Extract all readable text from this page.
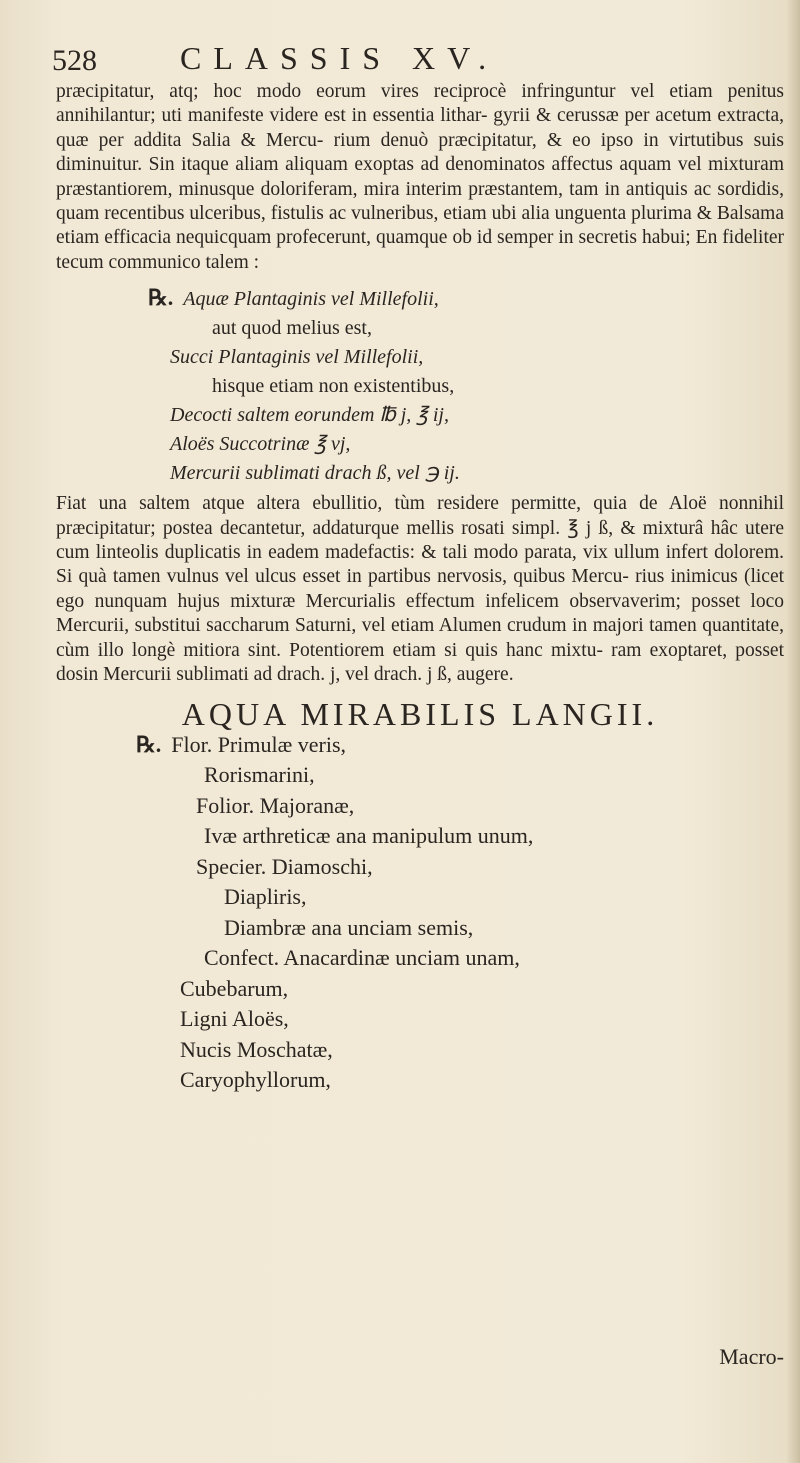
528	CLASSIS XV.

præcipitatur, atq; hoc modo eorum vires reciprocè infringuntur vel etiam penitus annihilantur; uti manifeste videre est in essentia lithar- gyrii & cerussæ per acetum extracta, quæ per addita Salia & Mercu- rium denuò præcipitatur, & eo ipso in virtutibus suis diminuitur. Sin itaque aliam aliquam exoptas ad denominatos affectus aquam vel mixturam præstantiorem, minusque doloriferam, mira interim præstantem, tam in antiquis ac sordidis, quam recentibus ulceribus, fistulis ac vulneribus, etiam ubi alia unguenta plurima & Balsama etiam efficacia nequicquam profecerunt, quamque ob id semper in secretis habui; En fideliter tecum communico talem :

℞. Aquæ Plantaginis vel Millefolii,
aut quod melius est,
Succi Plantaginis vel Millefolii,
hisque etiam non existentibus,
Decocti saltem eorundem ℔ j, ℥ ij,
Aloës Succotrinæ ℥ vj,
Mercurii sublimati drach ß, vel ℈ ij.

Fiat una saltem atque altera ebullitio, tùm residere permitte, quia de Aloë nonnihil præcipitatur; postea decantetur, addaturque mellis rosati simpl. ℥ j ß, & mixturâ hâc utere cum linteolis duplicatis in eadem madefactis: & tali modo parata, vix ullum infert dolorem. Si quà tamen vulnus vel ulcus esset in partibus nervosis, quibus Mercu- rius inimicus (licet ego nunquam hujus mixturæ Mercurialis effectum infelicem observaverim; posset loco Mercurii, substitui saccharum Saturni, vel etiam Alumen crudum in majori tamen quantitate, cùm illo longè mitiora sint. Potentiorem etiam si quis hanc mixtu- ram exoptaret, posset dosin Mercurii sublimati ad drach. j, vel drach. j ß, augere.

AQUA MIRABILIS LANGII.
℞. Flor. Primulæ veris,
Rorismarini,
Folior. Majoranæ,
Ivæ arthreticæ ana manipulum unum,
Specier. Diamoschi,
Diapliris,
Diambræ ana unciam semis,
Confect. Anacardinæ unciam unam,
Cubebarum,
Ligni Aloës,
Nucis Moschatæ,
Caryophyllorum,
Macro-
